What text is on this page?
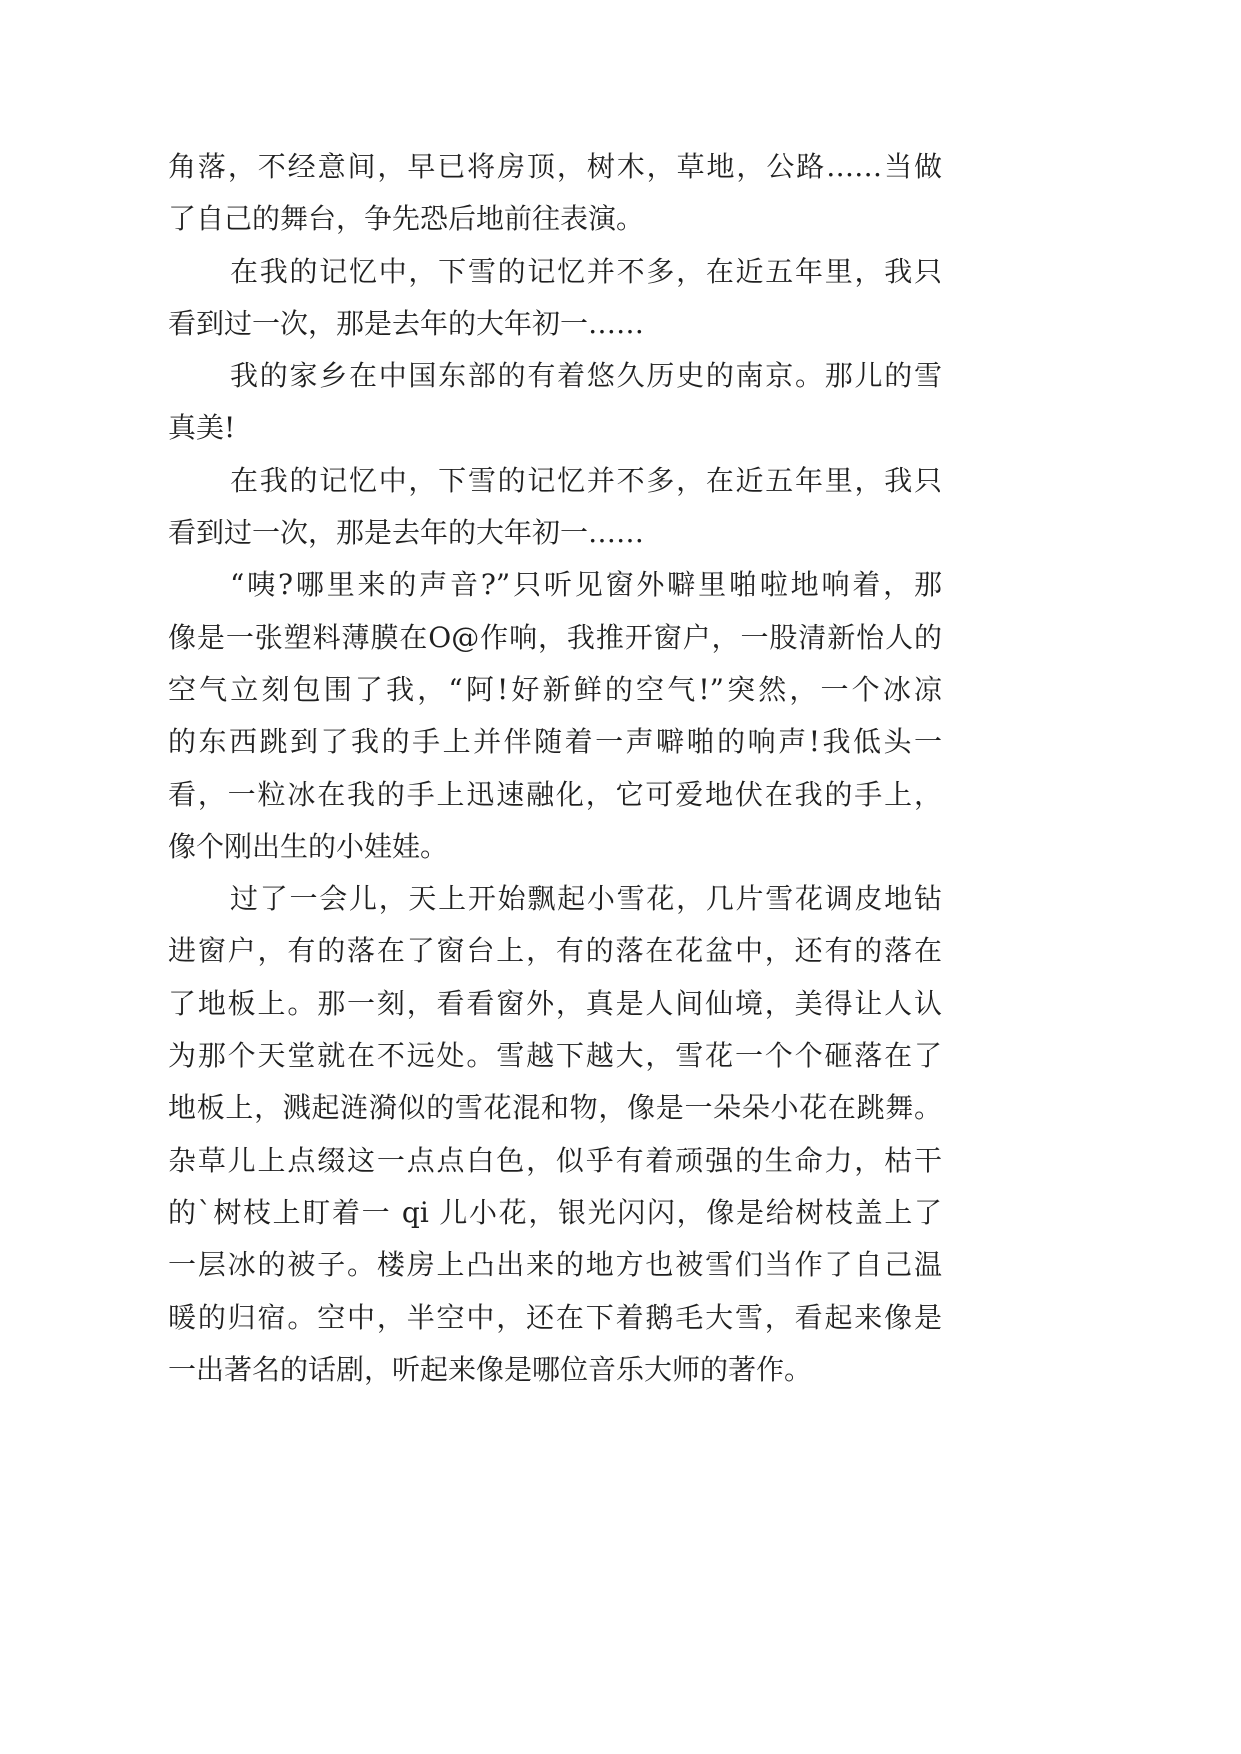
角落，不经意间，早已将房顶，树木，草地，公路……当做
了自己的舞台，争先恐后地前往表演。
在我的记忆中，下雪的记忆并不多，在近五年里，我只
看到过一次，那是去年的大年初一……
我的家乡在中国东部的有着悠久历史的南京。那儿的雪
真美!
在我的记忆中，下雪的记忆并不多，在近五年里，我只
看到过一次，那是去年的大年初一……
“咦?哪里来的声音?”只听见窗外噼里啪啦地响着，那
像是一张塑料薄膜在O@作响，我推开窗户，一股清新怡人的
空气立刻包围了我，“阿!好新鲜的空气!”突然，一个冰凉
的东西跳到了我的手上并伴随着一声噼啪的响声!我低头一
看，一粒冰在我的手上迅速融化，它可爱地伏在我的手上，
像个刚出生的小娃娃。
过了一会儿，天上开始飘起小雪花，几片雪花调皮地钻
进窗户，有的落在了窗台上，有的落在花盆中，还有的落在
了地板上。那一刻，看看窗外，真是人间仙境，美得让人认
为那个天堂就在不远处。雪越下越大，雪花一个个砸落在了
地板上，溅起涟漪似的雪花混和物，像是一朵朵小花在跳舞。
杂草儿上点缀这一点点白色，似乎有着顽强的生命力，枯干
的`树枝上盯着一 qi 儿小花，银光闪闪，像是给树枝盖上了
一层冰的被子。楼房上凸出来的地方也被雪们当作了自己温
暖的归宿。空中，半空中，还在下着鹅毛大雪，看起来像是
一出著名的话剧，听起来像是哪位音乐大师的著作。
